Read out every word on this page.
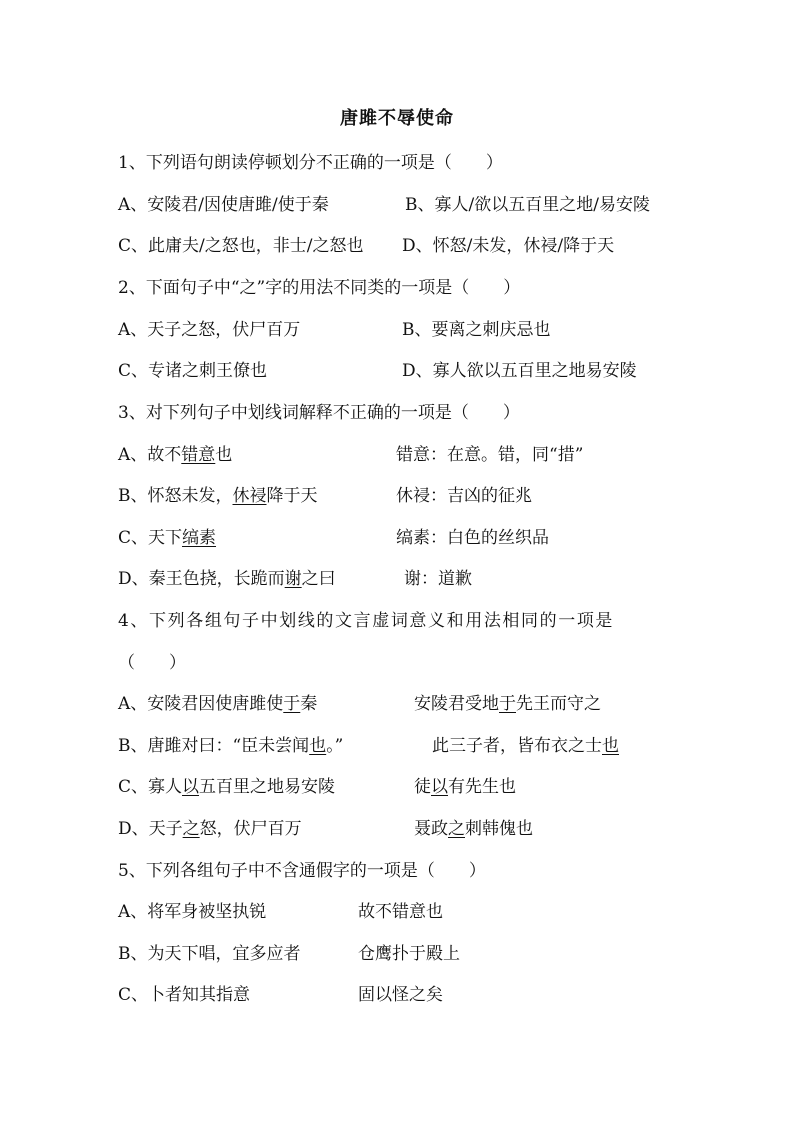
唐雎不辱使命
1、下列语句朗读停顿划分不正确的一项是（　　）
A、安陵君/因使唐雎/使于秦	B、寡人/欲以五百里之地/易安陵
C、此庸夫/之怒也，非士/之怒也 D、怀怒/未发，休祲/降于天
2、下面句子中“之”字的用法不同类的一项是（　　）
A、天子之怒，伏尸百万	B、要离之刺庆忌也
C、专诸之刺王僚也	D、寡人欲以五百里之地易安陵
3、对下列句子中划线词解释不正确的一项是（　　）
A、故不错意也	错意：在意。错，同“措”
B、怀怒未发，休祲降于天	休祲：吉凶的征兆
C、天下缟素	缟素：白色的丝织品
D、秦王色挠，长跪而谢之曰	谢：道歉
4、下列各组句子中划线的文言虚词意义和用法相同的一项是
（　　）
A、安陵君因使唐雎使于秦	安陵君受地于先王而守之
B、唐雎对曰：“臣未尝闻也。”	此三子者，皆布衣之士也
C、寡人以五百里之地易安陵	徒以有先生也
D、天子之怒，伏尸百万	聂政之刺韩傀也
5、下列各组句子中不含通假字的一项是（　　）
A、将军身被坚执锐	故不错意也
B、为天下唱，宜多应者	仓鹰扑于殿上
C、卜者知其指意	固以怪之矣
